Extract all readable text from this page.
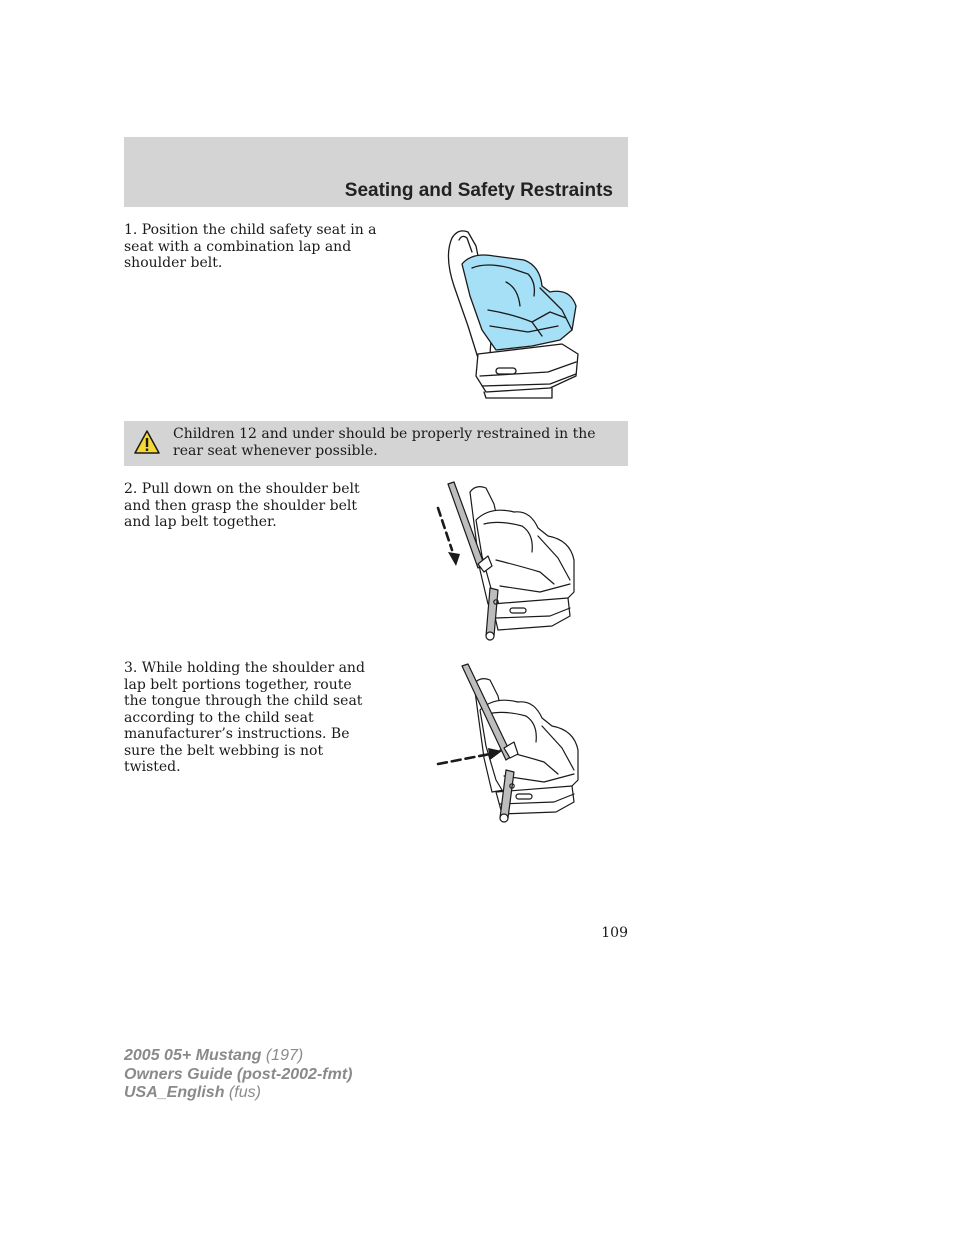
Seating and Safety Restraints

1. Position the child safety seat in a seat with a combination lap and shoulder belt.

Children 12 and under should be properly restrained in the rear seat whenever possible.

2. Pull down on the shoulder belt and then grasp the shoulder belt and lap belt together.

3. While holding the shoulder and lap belt portions together, route the tongue through the child seat according to the child seat manufacturer’s instructions. Be sure the belt webbing is not twisted.

109

2005 05+ Mustang (197)

Owners Guide (post-2002-fmt)

USA_English (fus)
